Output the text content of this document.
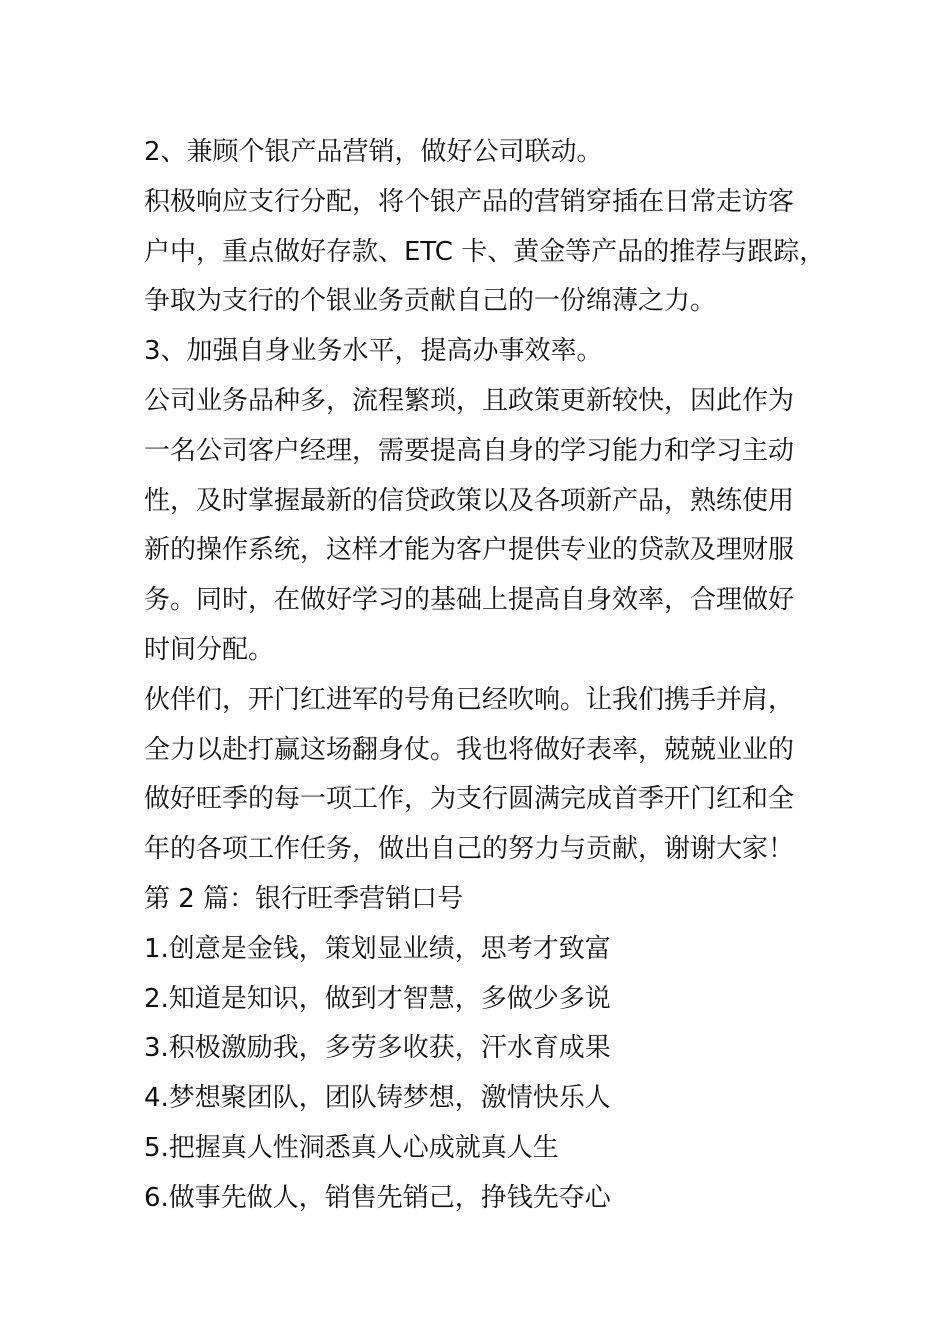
2、兼顾个银产品营销，做好公司联动。
积极响应支行分配，将个银产品的营销穿插在日常走访客
户中，重点做好存款、ETC 卡、黄金等产品的推荐与跟踪，
争取为支行的个银业务贡献自己的一份绵薄之力。
3、加强自身业务水平，提高办事效率。
公司业务品种多，流程繁琐，且政策更新较快，因此作为
一名公司客户经理，需要提高自身的学习能力和学习主动
性，及时掌握最新的信贷政策以及各项新产品，熟练使用
新的操作系统，这样才能为客户提供专业的贷款及理财服
务。同时，在做好学习的基础上提高自身效率，合理做好
时间分配。
伙伴们，开门红进军的号角已经吹响。让我们携手并肩，
全力以赴打赢这场翻身仗。我也将做好表率，兢兢业业的
做好旺季的每一项工作，为支行圆满完成首季开门红和全
年的各项工作任务，做出自己的努力与贡献，谢谢大家！
第 2 篇：银行旺季营销口号
1.创意是金钱，策划显业绩，思考才致富
2.知道是知识，做到才智慧，多做少多说
3.积极激励我，多劳多收获，汗水育成果
4.梦想聚团队，团队铸梦想，激情快乐人
5.把握真人性洞悉真人心成就真人生
6.做事先做人，销售先销己，挣钱先夺心
